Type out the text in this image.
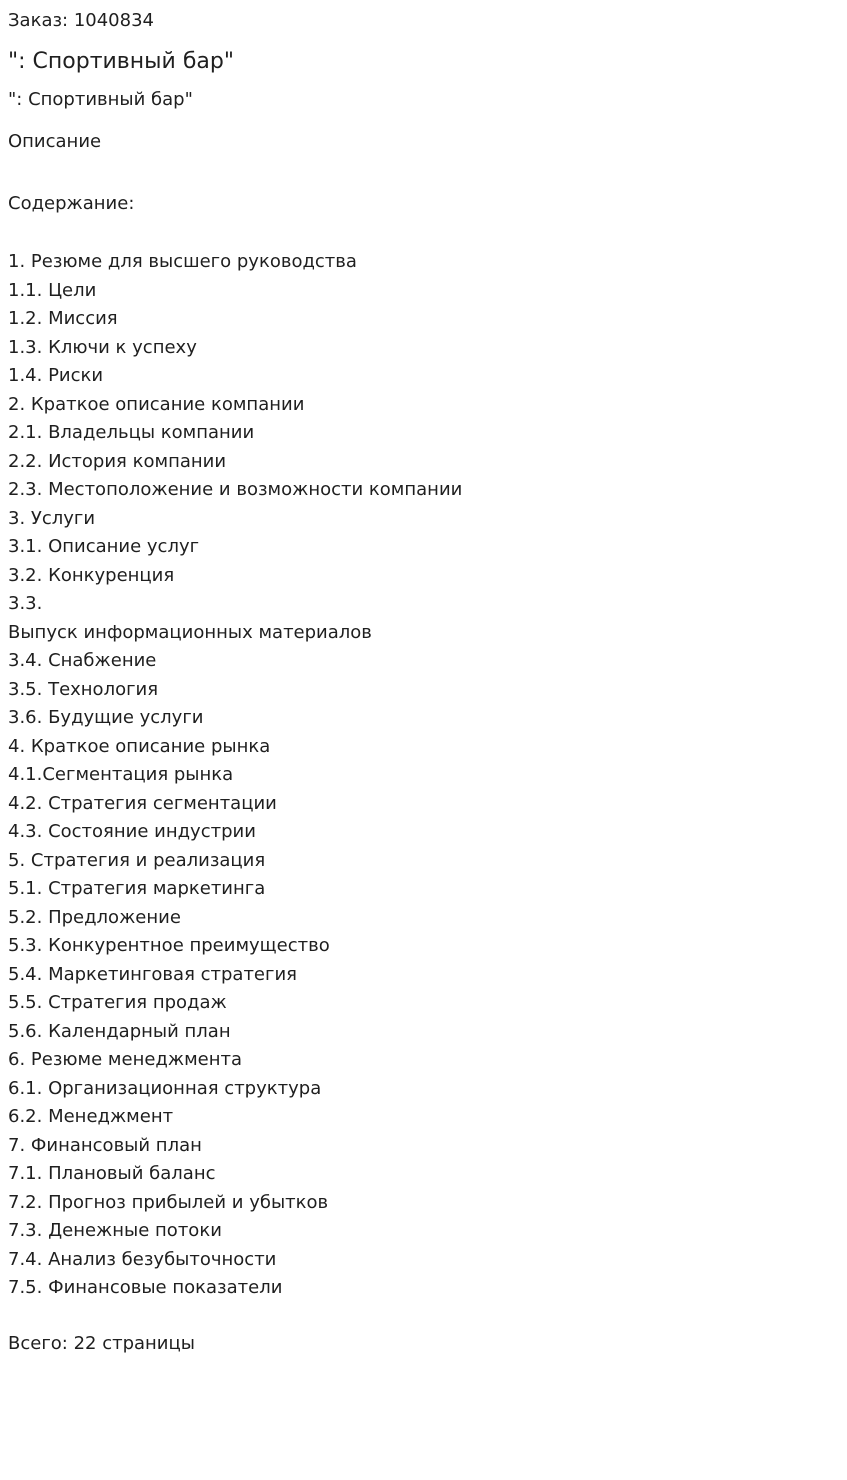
Заказ: 1040834
": Спортивный бар"
": Спортивный бар"
Описание
Содержание:
1. Резюме для высшего руководства
1.1. Цели
1.2. Миссия
1.3. Ключи к успеху
1.4. Риски
2. Краткое описание компании
2.1. Владельцы компании
2.2. История компании
2.3. Местоположение и возможности компании
3. Услуги
3.1. Описание услуг
3.2. Конкуренция
3.3.
Выпуск информационных материалов
3.4. Снабжение
3.5. Технология
3.6. Будущие услуги
4. Краткое описание рынка
4.1.Сегментация рынка
4.2. Стратегия сегментации
4.3. Состояние индустрии
5. Стратегия и реализация
5.1. Стратегия маркетинга
5.2. Предложение
5.3. Конкурентное преимущество
5.4. Маркетинговая стратегия
5.5. Стратегия продаж
5.6. Календарный план
6. Резюме менеджмента
6.1. Организационная структура
6.2. Менеджмент
7. Финансовый план
7.1. Плановый баланс
7.2. Прогноз прибылей и убытков
7.3. Денежные потоки
7.4. Анализ безубыточности
7.5. Финансовые показатели
Всего: 22 страницы
